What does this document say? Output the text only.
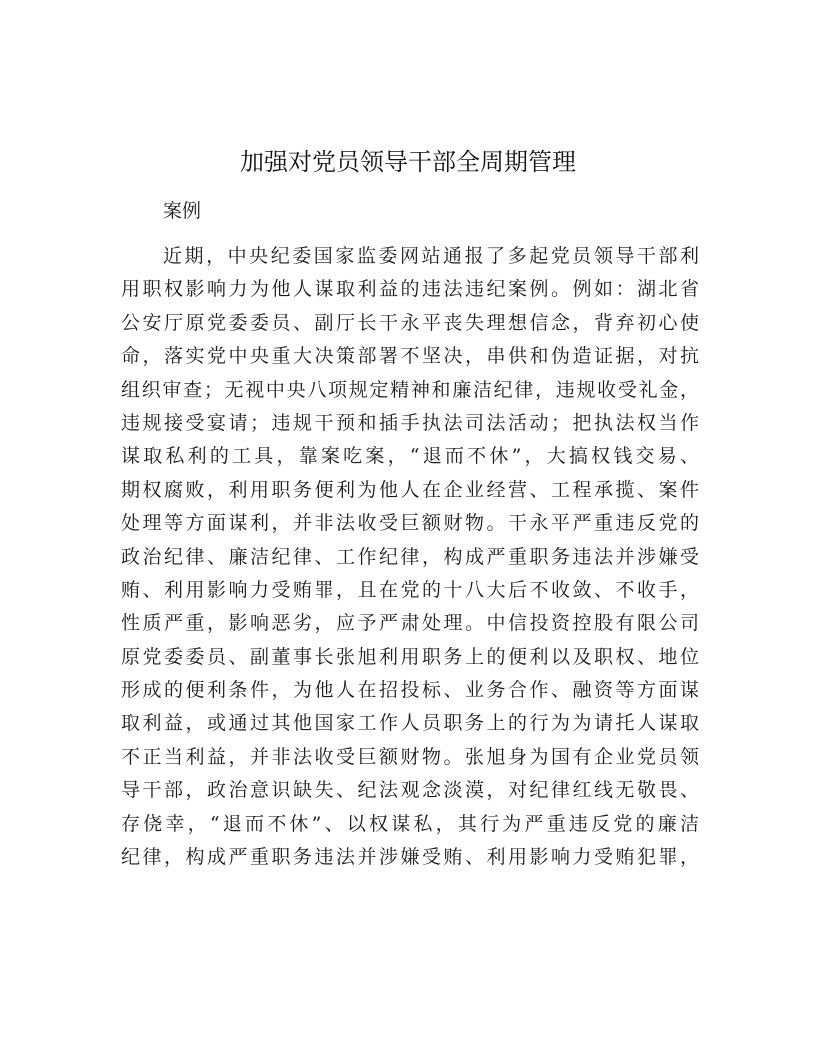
加强对党员领导干部全周期管理

案例

近期，中央纪委国家监委网站通报了多起党员领导干部利
用职权影响力为他人谋取利益的违法违纪案例。例如：湖北省
公安厅原党委委员、副厅长干永平丧失理想信念，背弃初心使
命，落实党中央重大决策部署不坚决，串供和伪造证据，对抗
组织审查；无视中央八项规定精神和廉洁纪律，违规收受礼金，
违规接受宴请；违规干预和插手执法司法活动；把执法权当作
谋取私利的工具，靠案吃案，“退而不休”，大搞权钱交易、
期权腐败，利用职务便利为他人在企业经营、工程承揽、案件
处理等方面谋利，并非法收受巨额财物。干永平严重违反党的
政治纪律、廉洁纪律、工作纪律，构成严重职务违法并涉嫌受
贿、利用影响力受贿罪，且在党的十八大后不收敛、不收手，
性质严重，影响恶劣，应予严肃处理。中信投资控股有限公司
原党委委员、副董事长张旭利用职务上的便利以及职权、地位
形成的便利条件，为他人在招投标、业务合作、融资等方面谋
取利益，或通过其他国家工作人员职务上的行为为请托人谋取
不正当利益，并非法收受巨额财物。张旭身为国有企业党员领
导干部，政治意识缺失、纪法观念淡漠，对纪律红线无敬畏、
存侥幸，“退而不休”、以权谋私，其行为严重违反党的廉洁
纪律，构成严重职务违法并涉嫌受贿、利用影响力受贿犯罪，
